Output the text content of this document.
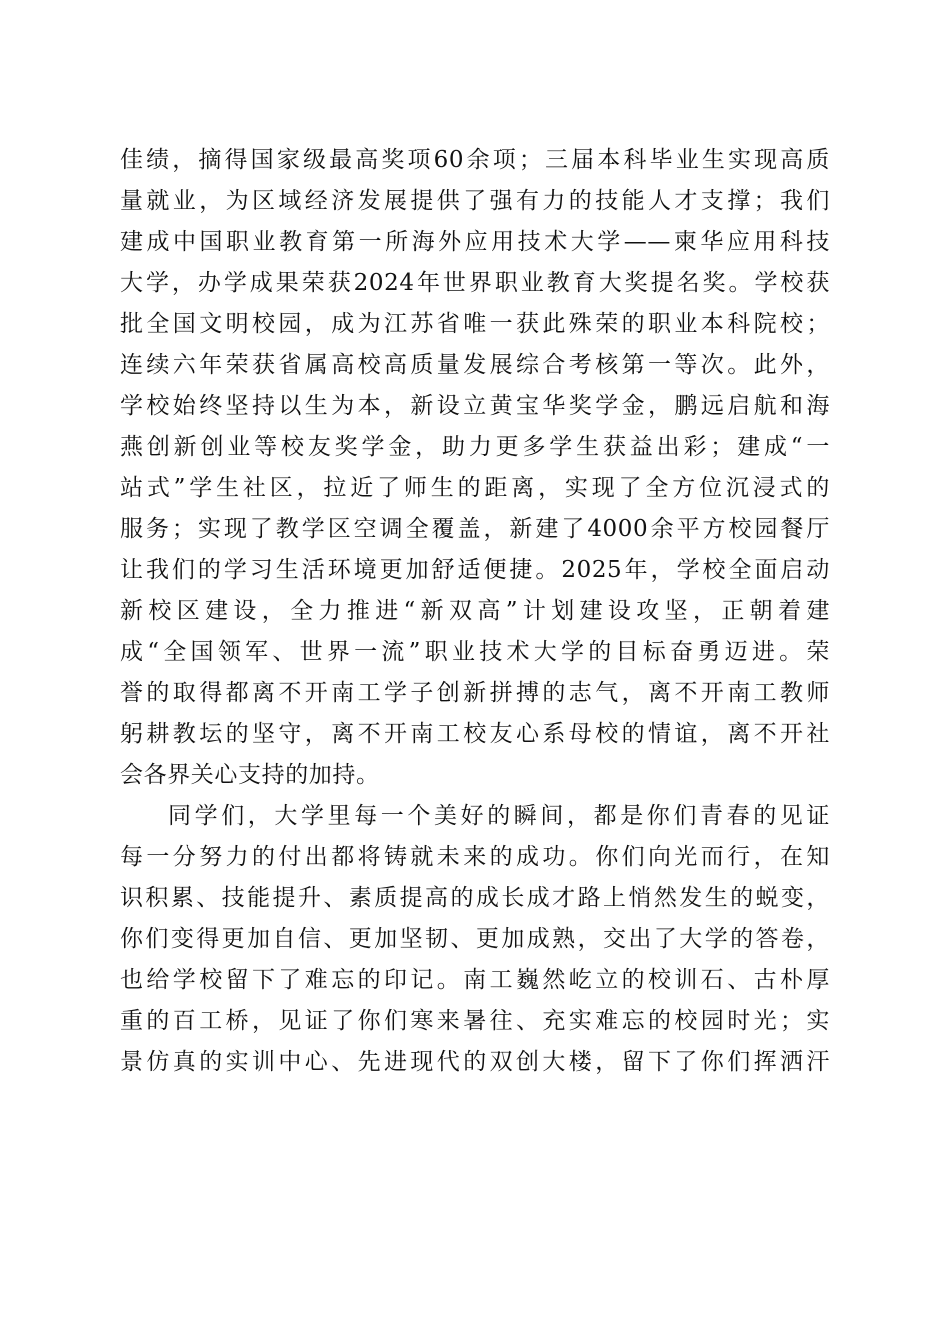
佳绩，摘得国家级最高奖项60余项；三届本科毕业生实现高质
量就业，为区域经济发展提供了强有力的技能人才支撑；我们
建成中国职业教育第一所海外应用技术大学——柬华应用科技
大学，办学成果荣获2024年世界职业教育大奖提名奖。学校获
批全国文明校园，成为江苏省唯一获此殊荣的职业本科院校；
连续六年荣获省属高校高质量发展综合考核第一等次。此外，
学校始终坚持以生为本，新设立黄宝华奖学金，鹏远启航和海
燕创新创业等校友奖学金，助力更多学生获益出彩；建成“一
站式”学生社区，拉近了师生的距离，实现了全方位沉浸式的
服务；实现了教学区空调全覆盖，新建了4000余平方校园餐厅
让我们的学习生活环境更加舒适便捷。2025年，学校全面启动
新校区建设，全力推进“新双高”计划建设攻坚，正朝着建
成“全国领军、世界一流”职业技术大学的目标奋勇迈进。荣
誉的取得都离不开南工学子创新拼搏的志气，离不开南工教师
躬耕教坛的坚守，离不开南工校友心系母校的情谊，离不开社
会各界关心支持的加持。
同学们，大学里每一个美好的瞬间，都是你们青春的见证
每一分努力的付出都将铸就未来的成功。你们向光而行，在知
识积累、技能提升、素质提高的成长成才路上悄然发生的蜕变，
你们变得更加自信、更加坚韧、更加成熟，交出了大学的答卷，
也给学校留下了难忘的印记。南工巍然屹立的校训石、古朴厚
重的百工桥，见证了你们寒来暑往、充实难忘的校园时光；实
景仿真的实训中心、先进现代的双创大楼，留下了你们挥洒汗
